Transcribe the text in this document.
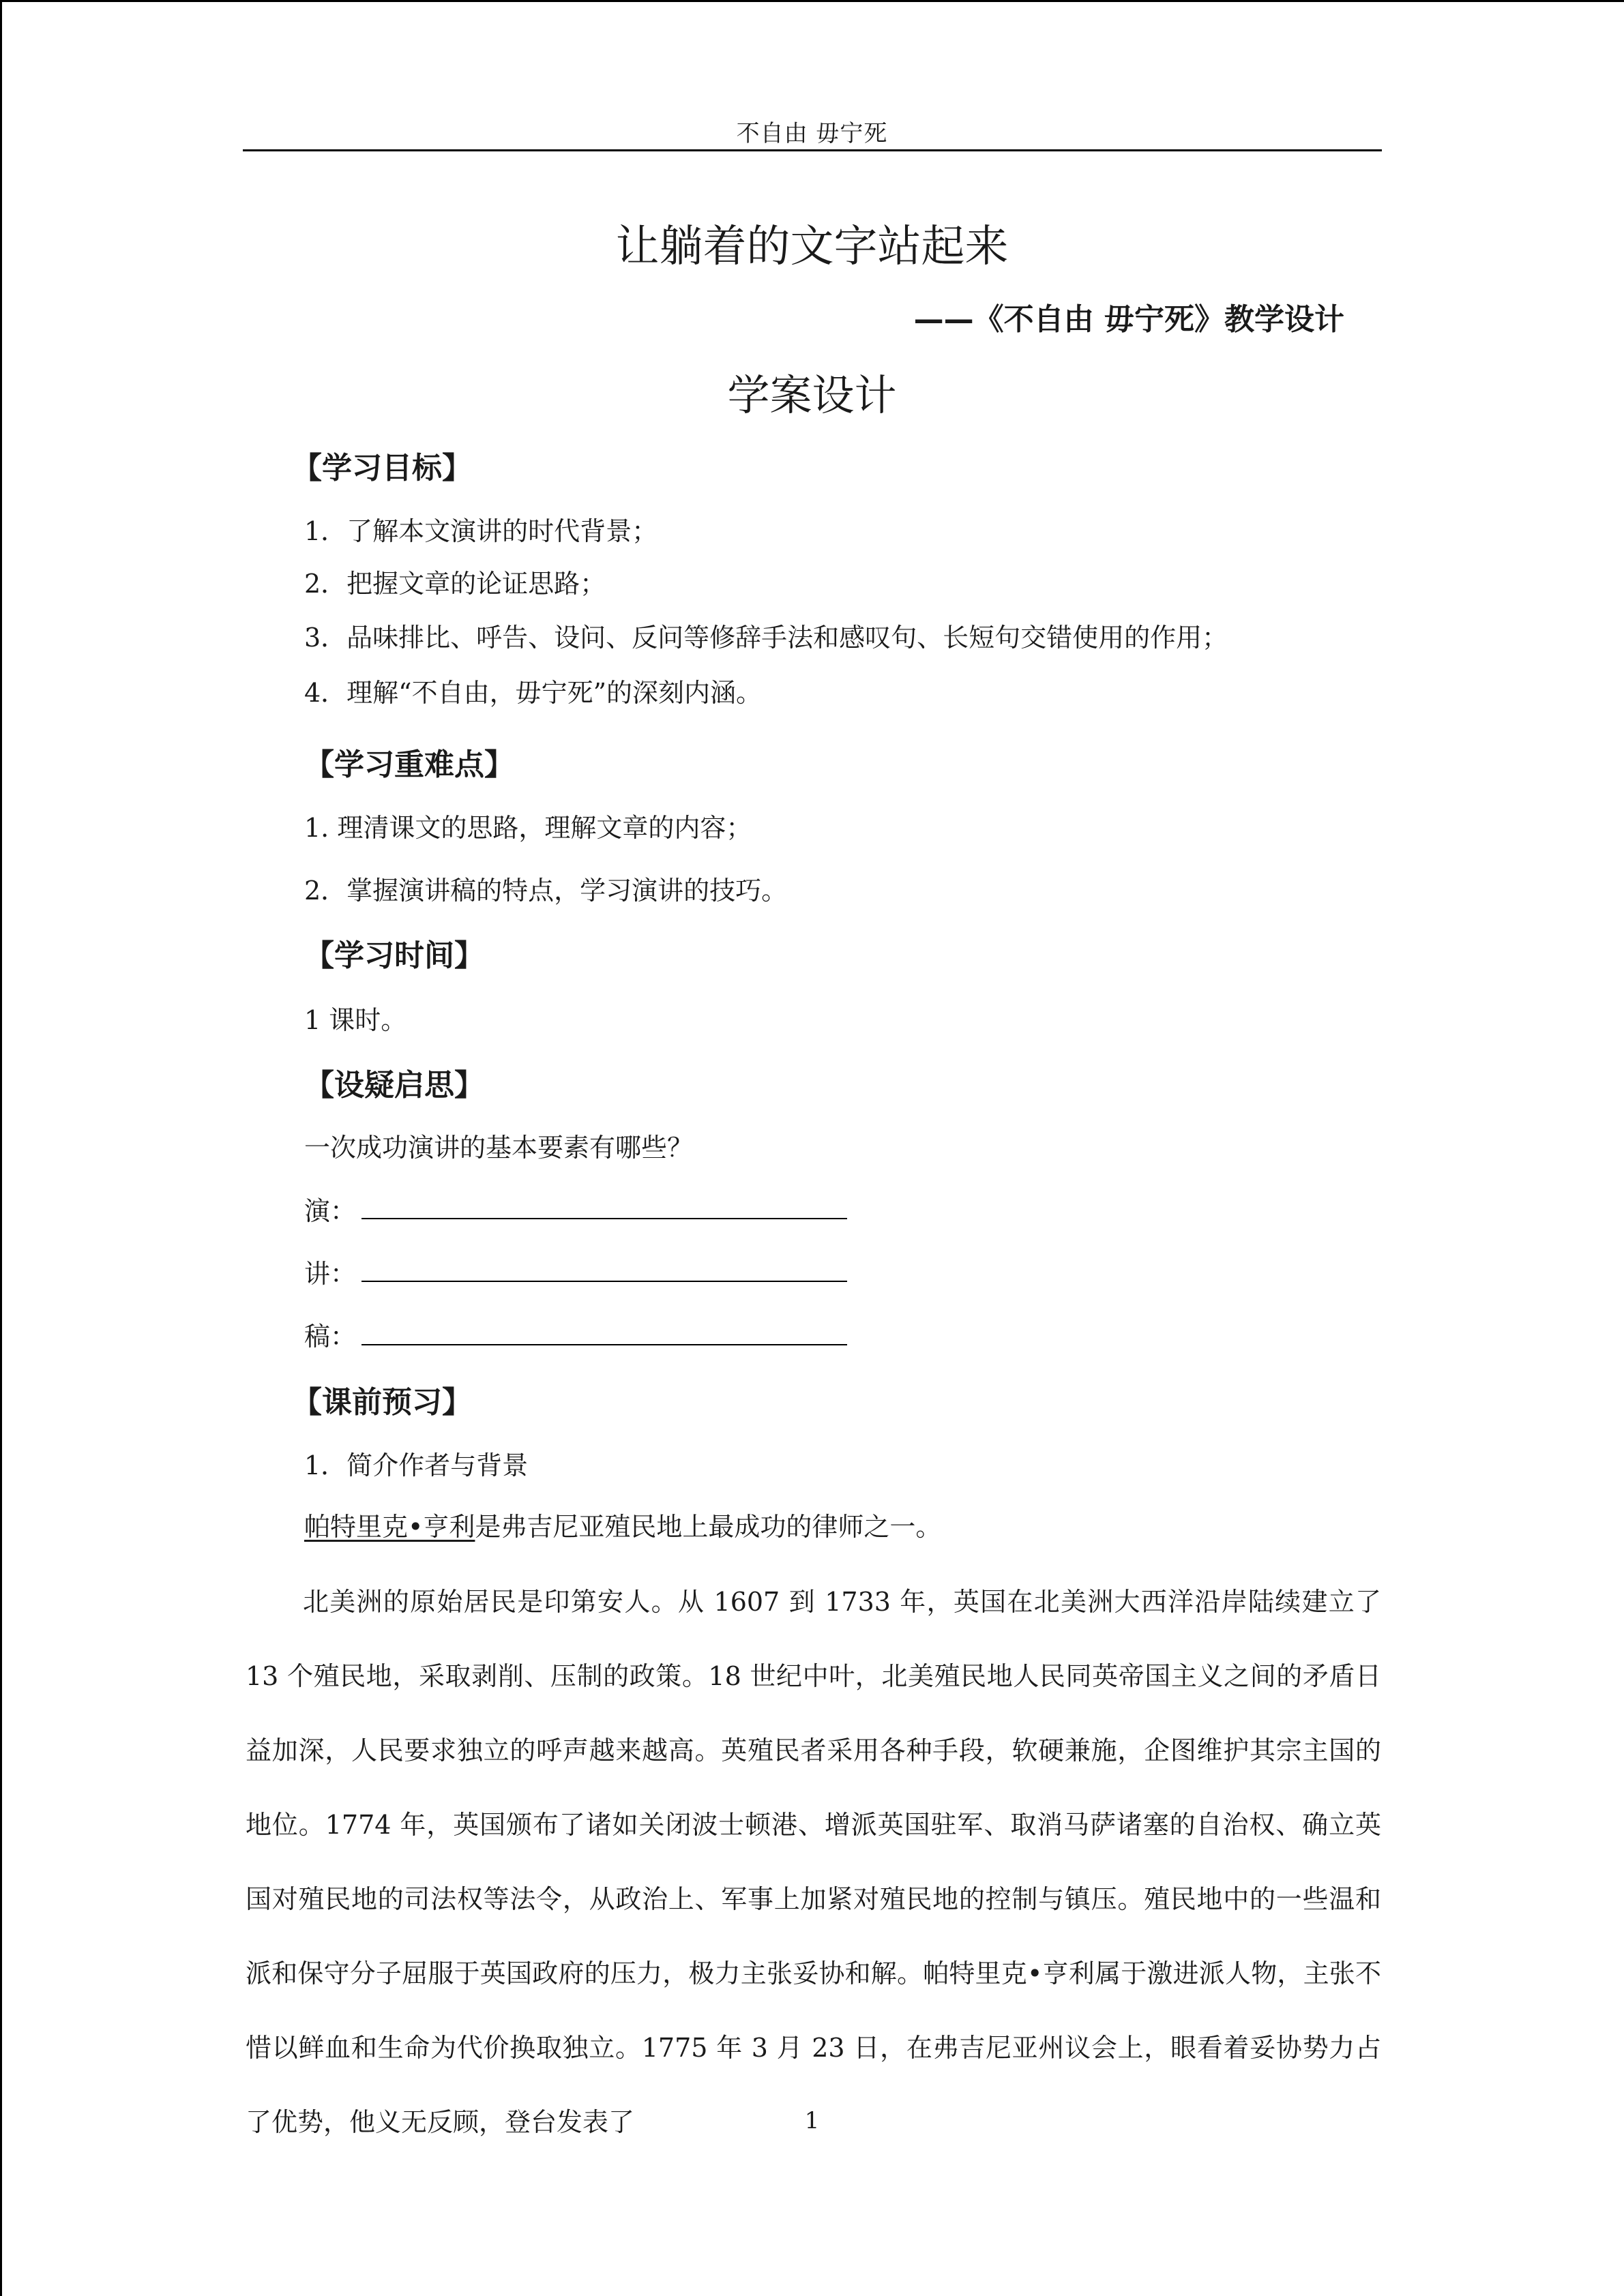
不自由 毋宁死
让躺着的文字站起来
——《不自由 毋宁死》教学设计
学案设计
【学习目标】
1．了解本文演讲的时代背景；
2．把握文章的论证思路；
3．品味排比、呼告、设问、反问等修辞手法和感叹句、长短句交错使用的作用；
4．理解“不自由，毋宁死”的深刻内涵。
【学习重难点】
1. 理清课文的思路，理解文章的内容；
2．掌握演讲稿的特点，学习演讲的技巧。
【学习时间】
1 课时。
【设疑启思】
一次成功演讲的基本要素有哪些？
演：
讲：
稿：
【课前预习】
1．简介作者与背景
帕特里克•亨利是弗吉尼亚殖民地上最成功的律师之一。
北美洲的原始居民是印第安人。从 1607 到 1733 年，英国在北美洲大西洋沿岸陆续建立了 13 个殖民地，采取剥削、压制的政策。18 世纪中叶，北美殖民地人民同英帝国主义之间的矛盾日益加深，人民要求独立的呼声越来越高。英殖民者采用各种手段，软硬兼施，企图维护其宗主国的地位。1774 年，英国颁布了诸如关闭波士顿港、增派英国驻军、取消马萨诸塞的自治权、确立英国对殖民地的司法权等法令，从政治上、军事上加紧对殖民地的控制与镇压。殖民地中的一些温和派和保守分子屈服于英国政府的压力，极力主张妥协和解。帕特里克•亨利属于激进派人物，主张不惜以鲜血和生命为代价换取独立。1775 年 3 月 23 日，在弗吉尼亚州议会上，眼看着妥协势力占了优势，他义无反顾，登台发表了	1
